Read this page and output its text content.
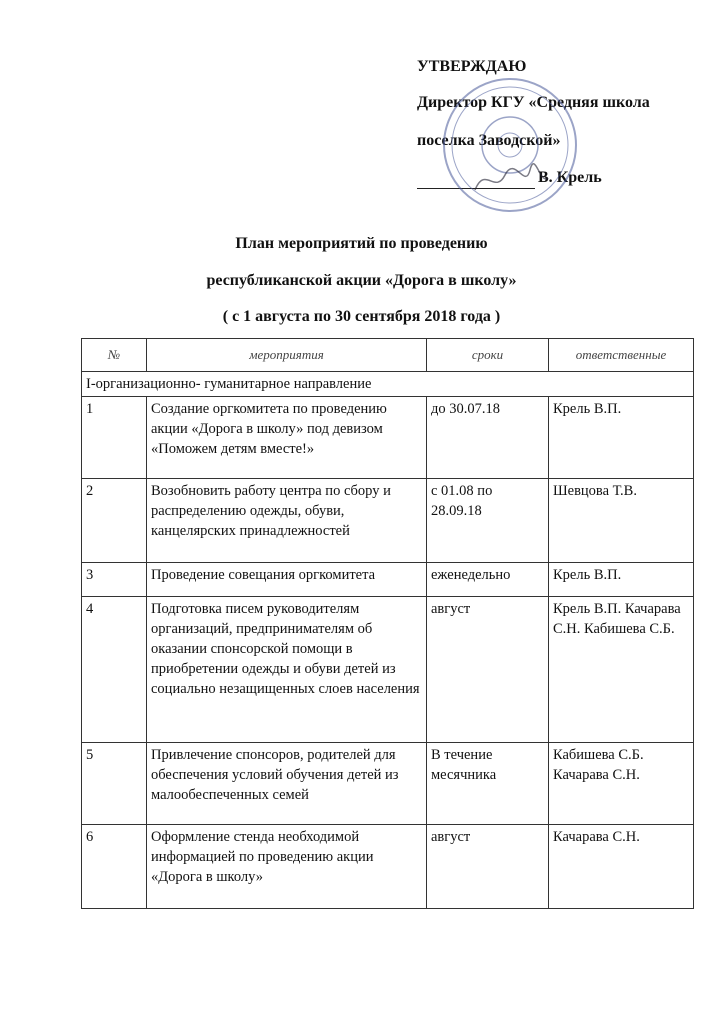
УТВЕРЖДАЮ
Директор КГУ «Средняя школа
поселка Заводской»
В. Крель
План мероприятий по проведению
республиканской акции «Дорога в школу»
( с 1 августа по 30 сентября 2018 года )
№	мероприятия	сроки	ответственные
I-организационно- гуманитарное направление			
1	Создание оргкомитета по проведению акции «Дорога в школу» под девизом «Поможем детям вместе!»	до 30.07.18	Крель В.П.
2	Возобновить работу центра по сбору и распределению одежды, обуви, канцелярских принадлежностей	с 01.08 по 28.09.18	Шевцова Т.В.
3	Проведение совещания оргкомитета	еженедельно	Крель В.П.
4	Подготовка писем руководителям организаций, предпринимателям об оказании спонсорской помощи в приобретении одежды и обуви детей из социально незащищенных слоев населения	август	Крель В.П. Качарава С.Н. Кабишева С.Б.
5	Привлечение спонсоров, родителей для обеспечения условий обучения детей из малообеспеченных семей	В течение месячника	Кабишева С.Б. Качарава С.Н.
6	Оформление стенда необходимой информацией по проведению акции «Дорога в школу»	август	Качарава С.Н.
